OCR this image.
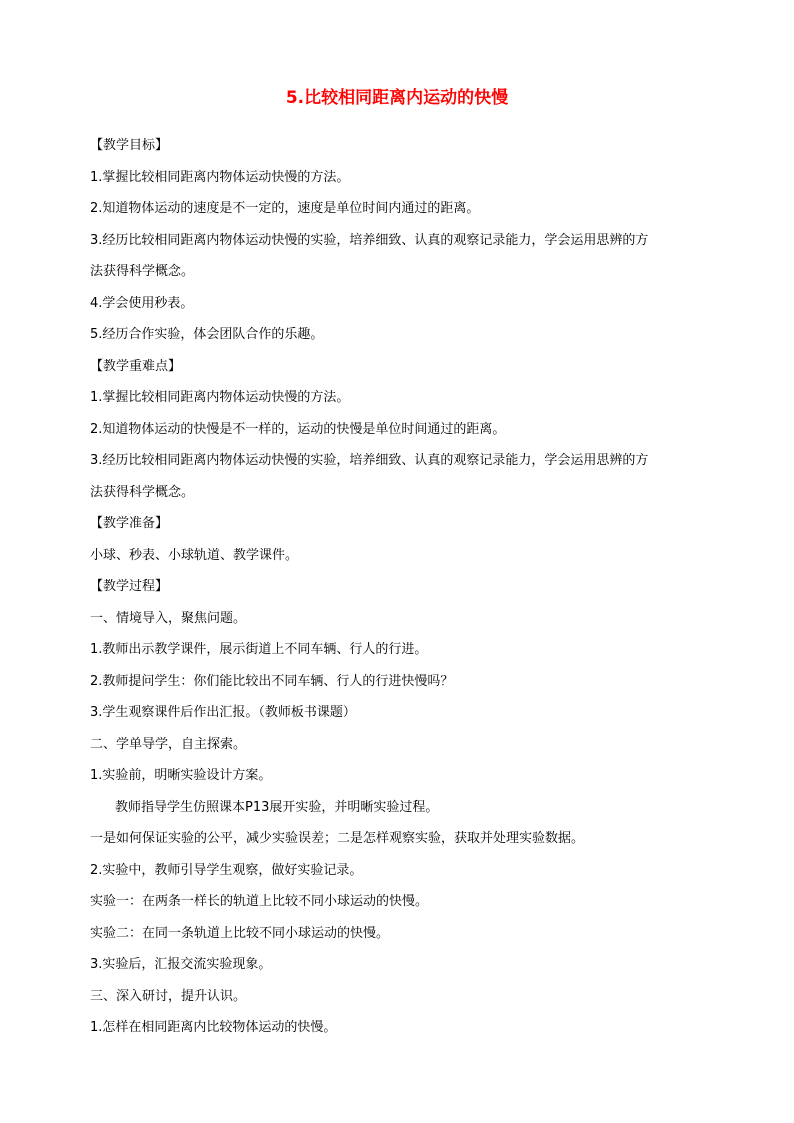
5.比较相同距离内运动的快慢
【教学目标】
1.掌握比较相同距离内物体运动快慢的方法。
2.知道物体运动的速度是不一定的，速度是单位时间内通过的距离。
3.经历比较相同距离内物体运动快慢的实验，培养细致、认真的观察记录能力，学会运用思辨的方
法获得科学概念。
4.学会使用秒表。
5.经历合作实验，体会团队合作的乐趣。
【教学重难点】
1.掌握比较相同距离内物体运动快慢的方法。
2.知道物体运动的快慢是不一样的，运动的快慢是单位时间通过的距离。
3.经历比较相同距离内物体运动快慢的实验，培养细致、认真的观察记录能力，学会运用思辨的方
法获得科学概念。
【教学准备】
小球、秒表、小球轨道、教学课件。
【教学过程】
一、情境导入，聚焦问题。
1.教师出示教学课件，展示街道上不同车辆、行人的行进。
2.教师提问学生：你们能比较出不同车辆、行人的行进快慢吗？
3.学生观察课件后作出汇报。（教师板书课题）
二、学单导学，自主探索。
1.实验前，明晰实验设计方案。
教师指导学生仿照课本P13展开实验，并明晰实验过程。
一是如何保证实验的公平，减少实验误差；二是怎样观察实验，获取并处理实验数据。
2.实验中，教师引导学生观察，做好实验记录。
实验一：在两条一样长的轨道上比较不同小球运动的快慢。
实验二：在同一条轨道上比较不同小球运动的快慢。
3.实验后，汇报交流实验现象。
三、深入研讨，提升认识。
1.怎样在相同距离内比较物体运动的快慢。
